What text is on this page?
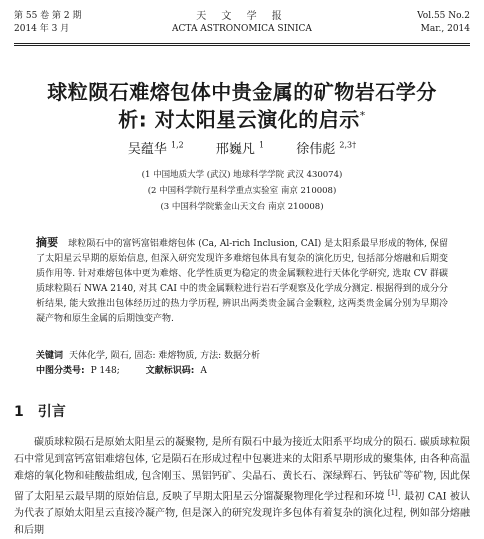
第 55 卷 第 2 期
2014 年 3 月
天 文 学 报
ACTA ASTRONOMICA SINICA
Vol.55 No.2
Mar., 2014
球粒陨石难熔包体中贵金属的矿物岩石学分
析: 对太阳星云演化的启示*
吴蕴华 $^{1,2}$ 邢巍凡 $^1$ 徐伟彪 $^{2,3\dagger}$
(1 中国地质大学 (武汉) 地球科学学院 武汉 430074)
(2 中国科学院行星科学重点实验室 南京 210008)
(3 中国科学院紫金山天文台 南京 210008)
摘要 球粒陨石中的富钙富铝难熔包体 (Ca, Al-rich Inclusion, CAI) 是太阳系最早形成的物体, 保留了太阳星云早期的原始信息, 但深入研究发现许多难熔包体具有复杂的演化历史, 包括部分熔融和后期变质作用等. 针对难熔包体中更为难熔、化学性质更为稳定的贵金属颗粒进行天体化学研究, 选取 CV 群碳质球粒陨石 NWA 2140, 对其 CAI 中的贵金属颗粒进行岩石学观察及化学成分测定. 根据得到的成分分析结果, 能大致推出包体经历过的热力学历程, 辨识出两类贵金属合金颗粒, 这两类贵金属分别为早期冷凝产物和原生金属的后期蚀变产物.
关键词 天体化学, 陨石, 固态: 难熔物质, 方法: 数据分析
中图分类号: P 148;	文献标识码: A
1 引言

碳质球粒陨石是原始太阳星云的凝聚物, 是所有陨石中最为接近太阳系平均成分的陨石. 碳质球粒陨石中常见到富钙富铝难熔包体, 它是陨石在形成过程中包裹进来的太阳系早期形成的聚集体, 由各种高温难熔的氧化物和硅酸盐组成, 包含刚玉、黑铝钙矿、尖晶石、黄长石、深绿辉石、钙钛矿等矿物, 因此保留了太阳星云最早期的原始信息, 反映了早期太阳星云分馏凝聚物理化学过程和环境 [1]. 最初 CAI 被认为代表了原始太阳星云直接冷凝产物, 但是深入的研究发现许多包体有着复杂的演化过程, 例如部分熔融和后期
